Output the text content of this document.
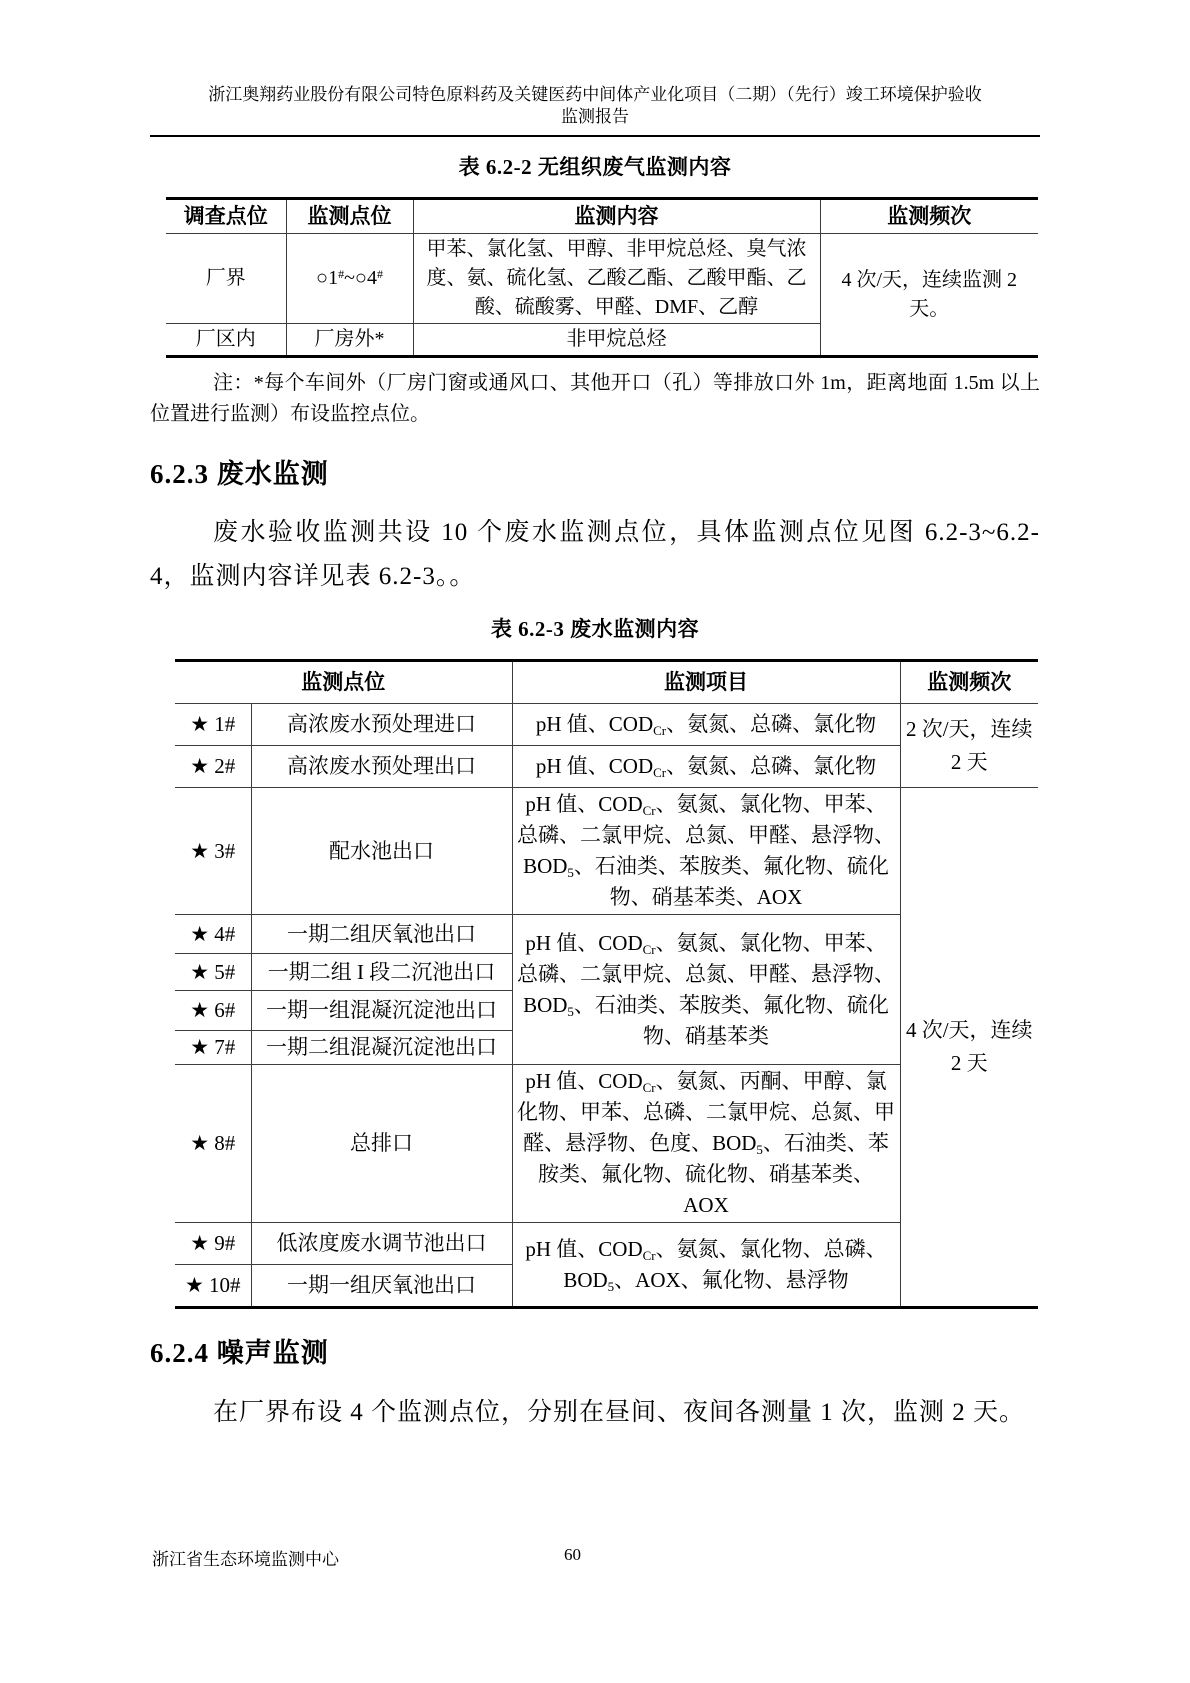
浙江奥翔药业股份有限公司特色原料药及关键医药中间体产业化项目（二期）（先行）竣工环境保护验收
监测报告
表 6.2-2 无组织废气监测内容
调查点位	监测点位	监测内容	监测频次
厂界	○1#~○4#	甲苯、氯化氢、甲醇、非甲烷总烃、臭气浓度、氨、硫化氢、乙酸乙酯、乙酸甲酯、乙酸、硫酸雾、甲醛、DMF、乙醇	4 次/天，连续监测 2 天。
厂区内	厂房外*	非甲烷总烃	

注：*每个车间外（厂房门窗或通风口、其他开口（孔）等排放口外 1m，距离地面 1.5m 以上位置进行监测）布设监控点位。

6.2.3 废水监测

废水验收监测共设 10 个废水监测点位，具体监测点位见图 6.2-3~6.2-4，监测内容详见表 6.2-3。。

表 6.2-3 废水监测内容
监测点位		监测项目	监测频次
★ 1#	高浓废水预处理进口	pH 值、$COD_{Cr}$、氨氮、总磷、氯化物	2 次/天，连续 2 天
★ 2#	高浓废水预处理出口	pH 值、$COD_{Cr}$、氨氮、总磷、氯化物	
★ 3#	配水池出口	pH 值、$COD_{Cr}$、氨氮、氯化物、甲苯、总磷、二氯甲烷、总氮、甲醛、悬浮物、$BOD_5$、石油类、苯胺类、氟化物、硫化物、硝基苯类、AOX	4 次/天，连续 2 天
★ 4#	一期二组厌氧池出口	pH 值、$COD_{Cr}$、氨氮、氯化物、甲苯、总磷、二氯甲烷、总氮、甲醛、悬浮物、$BOD_5$、石油类、苯胺类、氟化物、硫化物、硝基苯类	
★ 5#	一期二组 I 段二沉池出口		
★ 6#	一期一组混凝沉淀池出口		
★ 7#	一期二组混凝沉淀池出口		
★ 8#	总排口	pH 值、$COD_{Cr}$、氨氮、丙酮、甲醇、氯化物、甲苯、总磷、二氯甲烷、总氮、甲醛、悬浮物、色度、$BOD_5$、石油类、苯胺类、氟化物、硫化物、硝基苯类、AOX	
★ 9#	低浓度废水调节池出口	pH 值、$COD_{Cr}$、氨氮、氯化物、总磷、$BOD_5$、AOX、氟化物、悬浮物	
★ 10#	一期一组厌氧池出口		
6.2.4 噪声监测

在厂界布设 4 个监测点位，分别在昼间、夜间各测量 1 次，监测 2 天。

浙江省生态环境监测中心	60
